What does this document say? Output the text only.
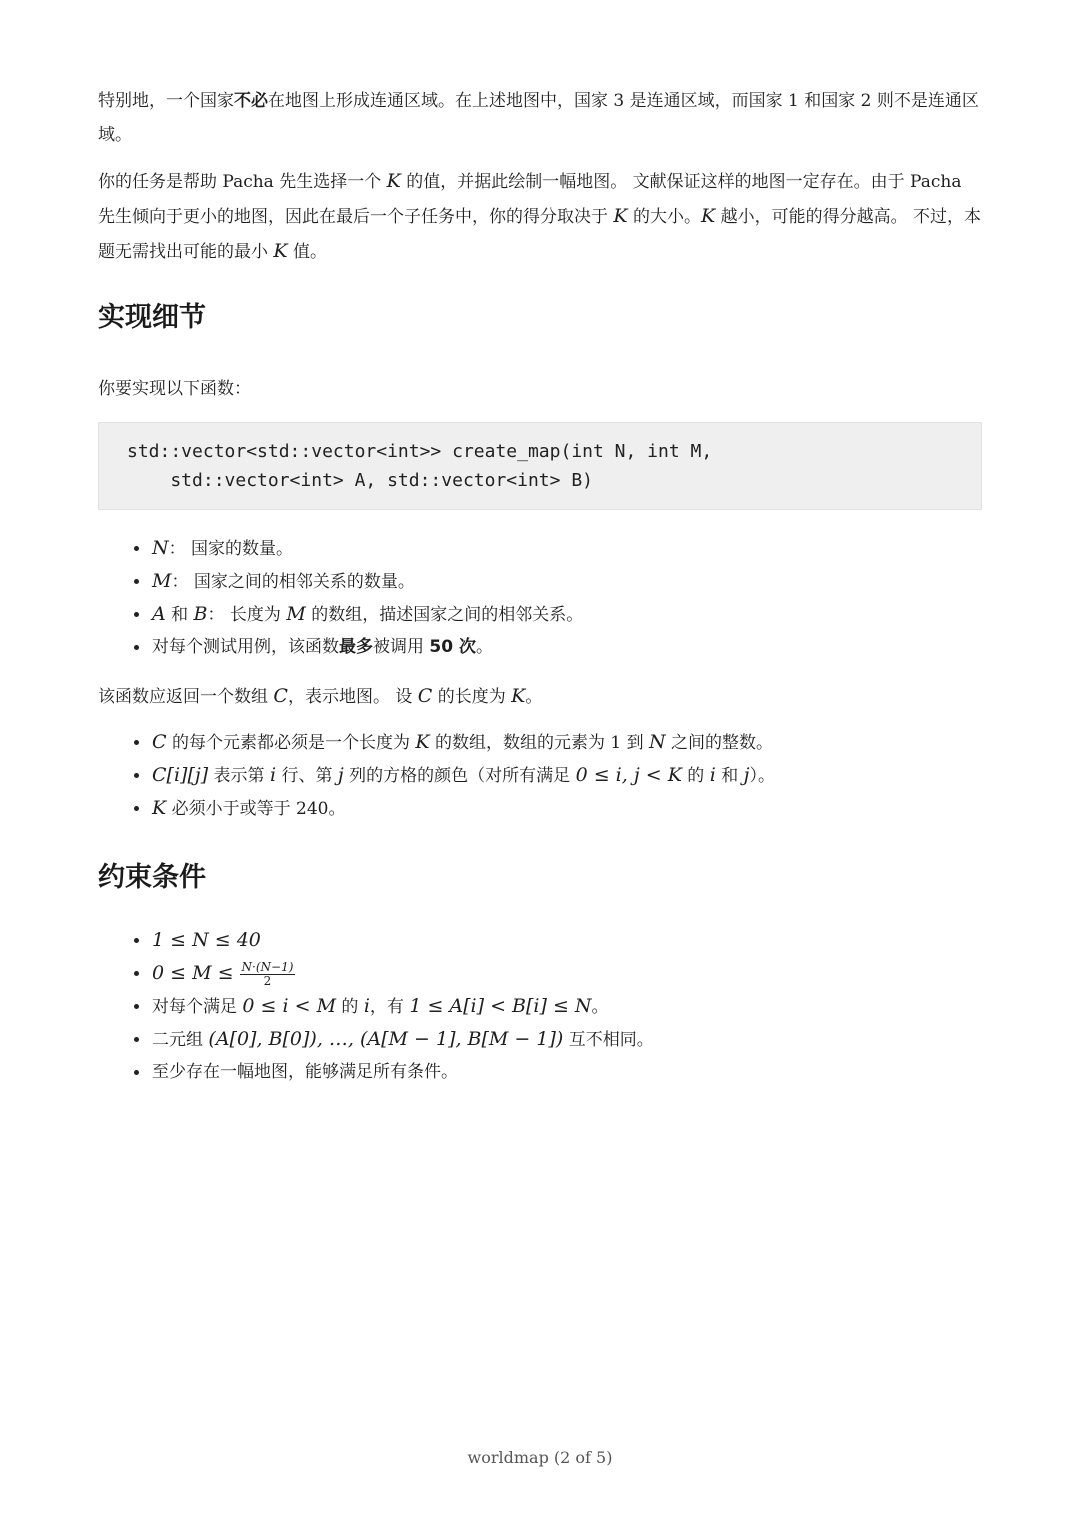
特别地，一个国家不必在地图上形成连通区域。在上述地图中，国家 3 是连通区域，而国家 1 和国家 2 则不是连通区域。

你的任务是帮助 Pacha 先生选择一个 K 的值，并据此绘制一幅地图。 文献保证这样的地图一定存在。由于 Pacha 先生倾向于更小的地图，因此在最后一个子任务中，你的得分取决于 K 的大小。K 越小，可能的得分越高。 不过，本题无需找出可能的最小 K 值。

实现细节

你要实现以下函数：

std::vector<std::vector<int>> create_map(int N, int M,
std::vector<int> A, std::vector<int> B)
N： 国家的数量。
M： 国家之间的相邻关系的数量。
A 和 B： 长度为 M 的数组，描述国家之间的相邻关系。
对每个测试用例，该函数最多被调用 50 次。

该函数应返回一个数组 C，表示地图。 设 C 的长度为 K。

C 的每个元素都必须是一个长度为 K 的数组，数组的元素为 1 到 N 之间的整数。
C[i][j] 表示第 i 行、第 j 列的方格的颜色（对所有满足 0 ≤ i, j < K 的 i 和 j）。
K 必须小于或等于 240。
约束条件
1 ≤ N ≤ 40
$0 \le M \le \frac{N\cdot(N-1)}{2}$
对每个满足 0 ≤ i < M 的 i，有 1 ≤ A[i] < B[i] ≤ N。
二元组 (A[0], B[0]), …, (A[M − 1], B[M − 1]) 互不相同。
至少存在一幅地图，能够满足所有条件。
worldmap (2 of 5)
